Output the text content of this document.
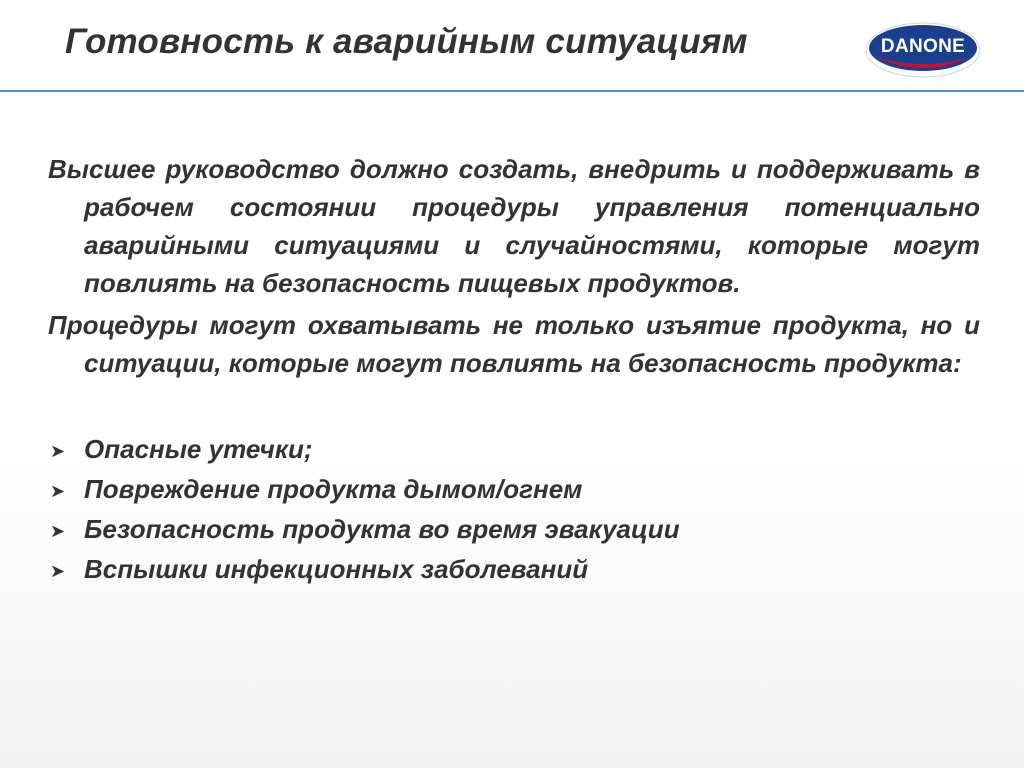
Готовность к аварийным ситуациям	DANONE

Высшее руководство должно создать, внедрить и поддерживать в рабочем состоянии процедуры управления потенциально аварийными ситуациями и случайностями, которые могут повлиять на безопасность пищевых продуктов.

Процедуры могут охватывать не только изъятие продукта, но и ситуации, которые могут повлиять на безопасность продукта:

➤ Опасные утечки;
➤ Повреждение продукта дымом/огнем
➤ Безопасность продукта во время эвакуации
➤ Вспышки инфекционных заболеваний
